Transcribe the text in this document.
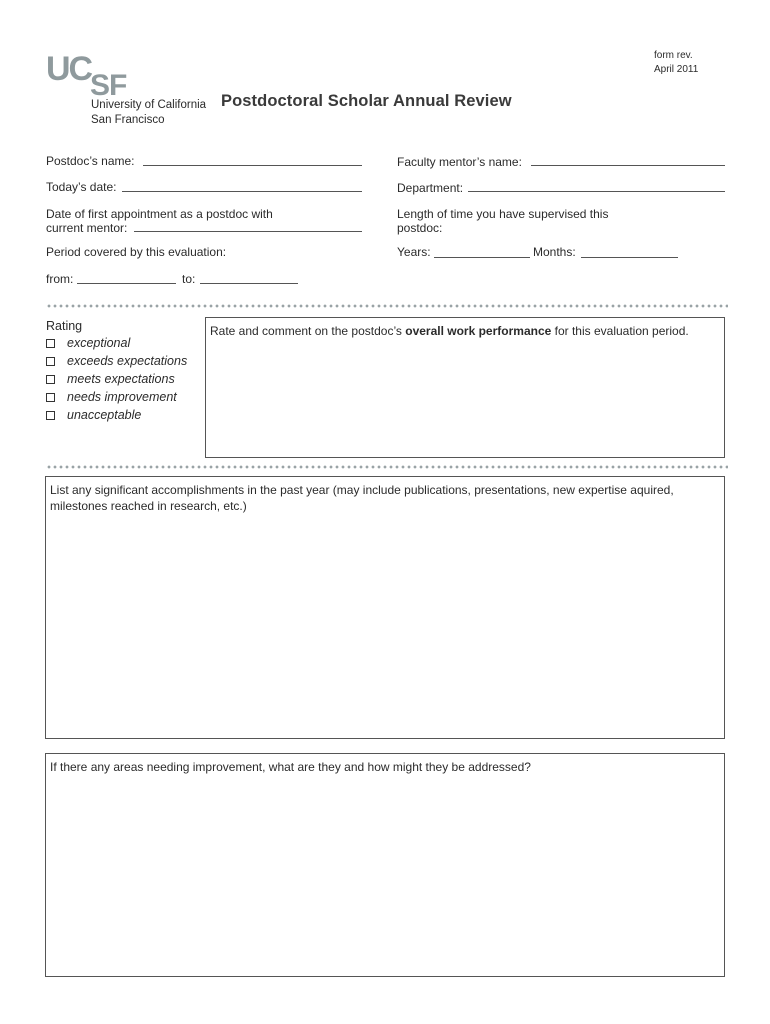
UC
SF
University of California
San Francisco
Postdoctoral Scholar Annual Review
form rev.
April 2011
Postdoc’s name:
Today’s date:
Date of first appointment as a postdoc with
current mentor:
Period covered by this evaluation:
from:	to:
Faculty mentor’s name:
Department:
Length of time you have supervised this
postdoc:
Years:	Months:
Rating
exceptional
exceeds expectations
meets expectations
needs improvement
unacceptable
Rate and comment on the postdoc’s overall work performance for this evaluation period.
List any significant accomplishments in the past year (may include publications, presentations, new expertise aquired, milestones reached in research, etc.)
If there any areas needing improvement, what are they and how might they be addressed?
